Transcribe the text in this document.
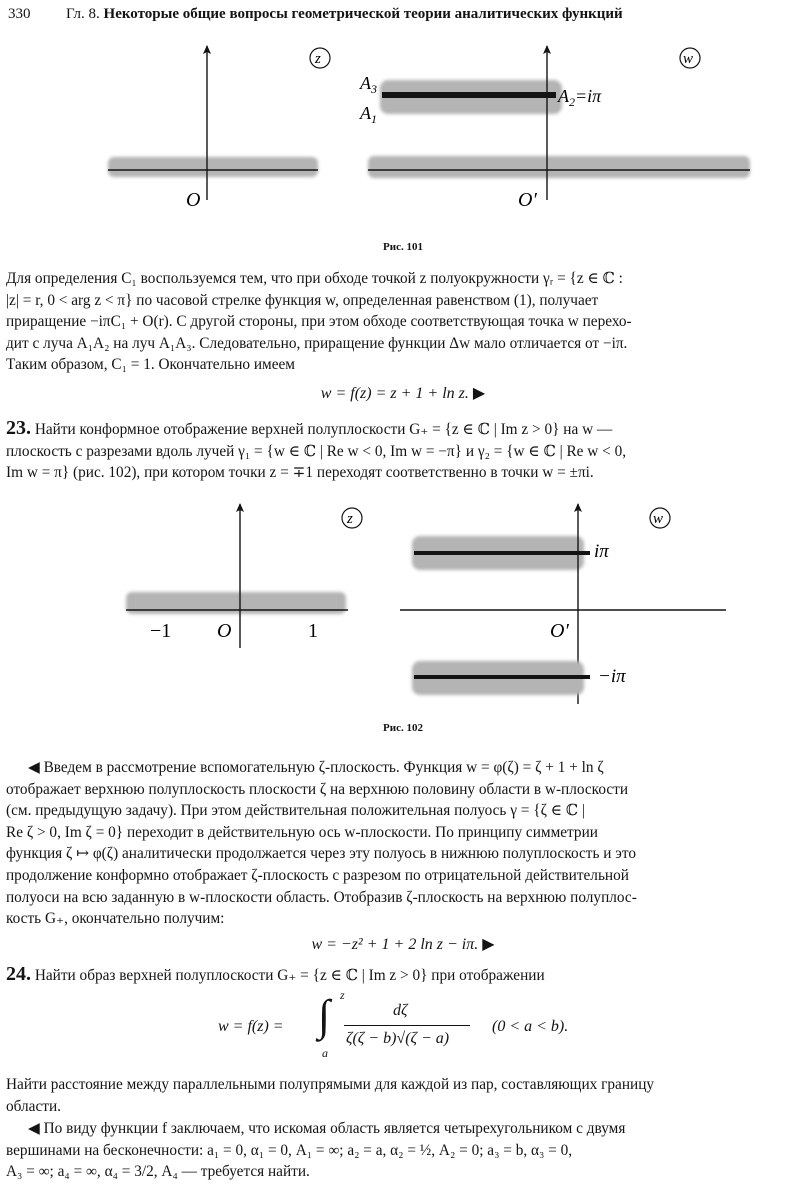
330 Гл. 8. Некоторые общие вопросы геометрической теории аналитических функций
O
z
O′
$A_3$
$A_1$
$A_2=i\pi$
w
Рис. 101
Для определения C₁ воспользуемся тем, что при обходе точкой z полуокружности γᵣ = {z ∈ ℂ :
|z| = r, 0 < arg z < π} по часовой стрелке функция w, определенная равенством (1), получает
приращение −iπC₁ + O(r). С другой стороны, при этом обходе соответствующая точка w перехо-
дит с луча A₁A₂ на луч A₁A₃. Следовательно, приращение функции Δw мало отличается от −iπ.
Таким образом, C₁ = 1. Окончательно имеем
w = f(z) = z + 1 + ln z. ▶
23. Найти конформное отображение верхней полуплоскости G₊ = {z ∈ ℂ | Im z > 0} на w —
плоскость с разрезами вдоль лучей γ₁ = {w ∈ ℂ | Re w < 0, Im w = −π} и γ₂ = {w ∈ ℂ | Re w < 0,
Im w = π} (рис. 102), при котором точки z = ∓1 переходят соответственно в точки w = ±πi.
−1 O	1
z
O′
iπ
−iπ
w
Рис. 102
◀ Введем в рассмотрение вспомогательную ζ-плоскость. Функция w = φ(ζ) = ζ + 1 + ln ζ
отображает верхнюю полуплоскость плоскости ζ на верхнюю половину области в w-плоскости
(см. предыдущую задачу). При этом действительная положительная полуось γ = {ζ ∈ ℂ |
Re ζ > 0, Im ζ = 0} переходит в действительную ось w-плоскости. По принципу симметрии
функция ζ ↦ φ(ζ) аналитически продолжается через эту полуось в нижнюю полуплоскость и это
продолжение конформно отображает ζ-плоскость с разрезом по отрицательной действительной
полуоси на всю заданную в w-плоскости область. Отобразив ζ-плоскость на верхнюю полуплос-
кость G₊, окончательно получим:
w = −z² + 1 + 2 ln z − iπ. ▶
24. Найти образ верхней полуплоскости G₊ = {z ∈ ℂ | Im z > 0} при отображении
w = f(z) = ∫ z
a
dζ
ζ(ζ − b)√(ζ − a)
(0 < a < b).
Найти расстояние между параллельными полупрямыми для каждой из пар, составляющих границу
области.
◀ По виду функции f заключаем, что искомая область является четырехугольником с двумя
вершинами на бесконечности: a₁ = 0, α₁ = 0, A₁ = ∞; a₂ = a, α₂ = ½, A₂ = 0; a₃ = b, α₃ = 0,
A₃ = ∞; a₄ = ∞, α₄ = 3/2, A₄ — требуется найти.
